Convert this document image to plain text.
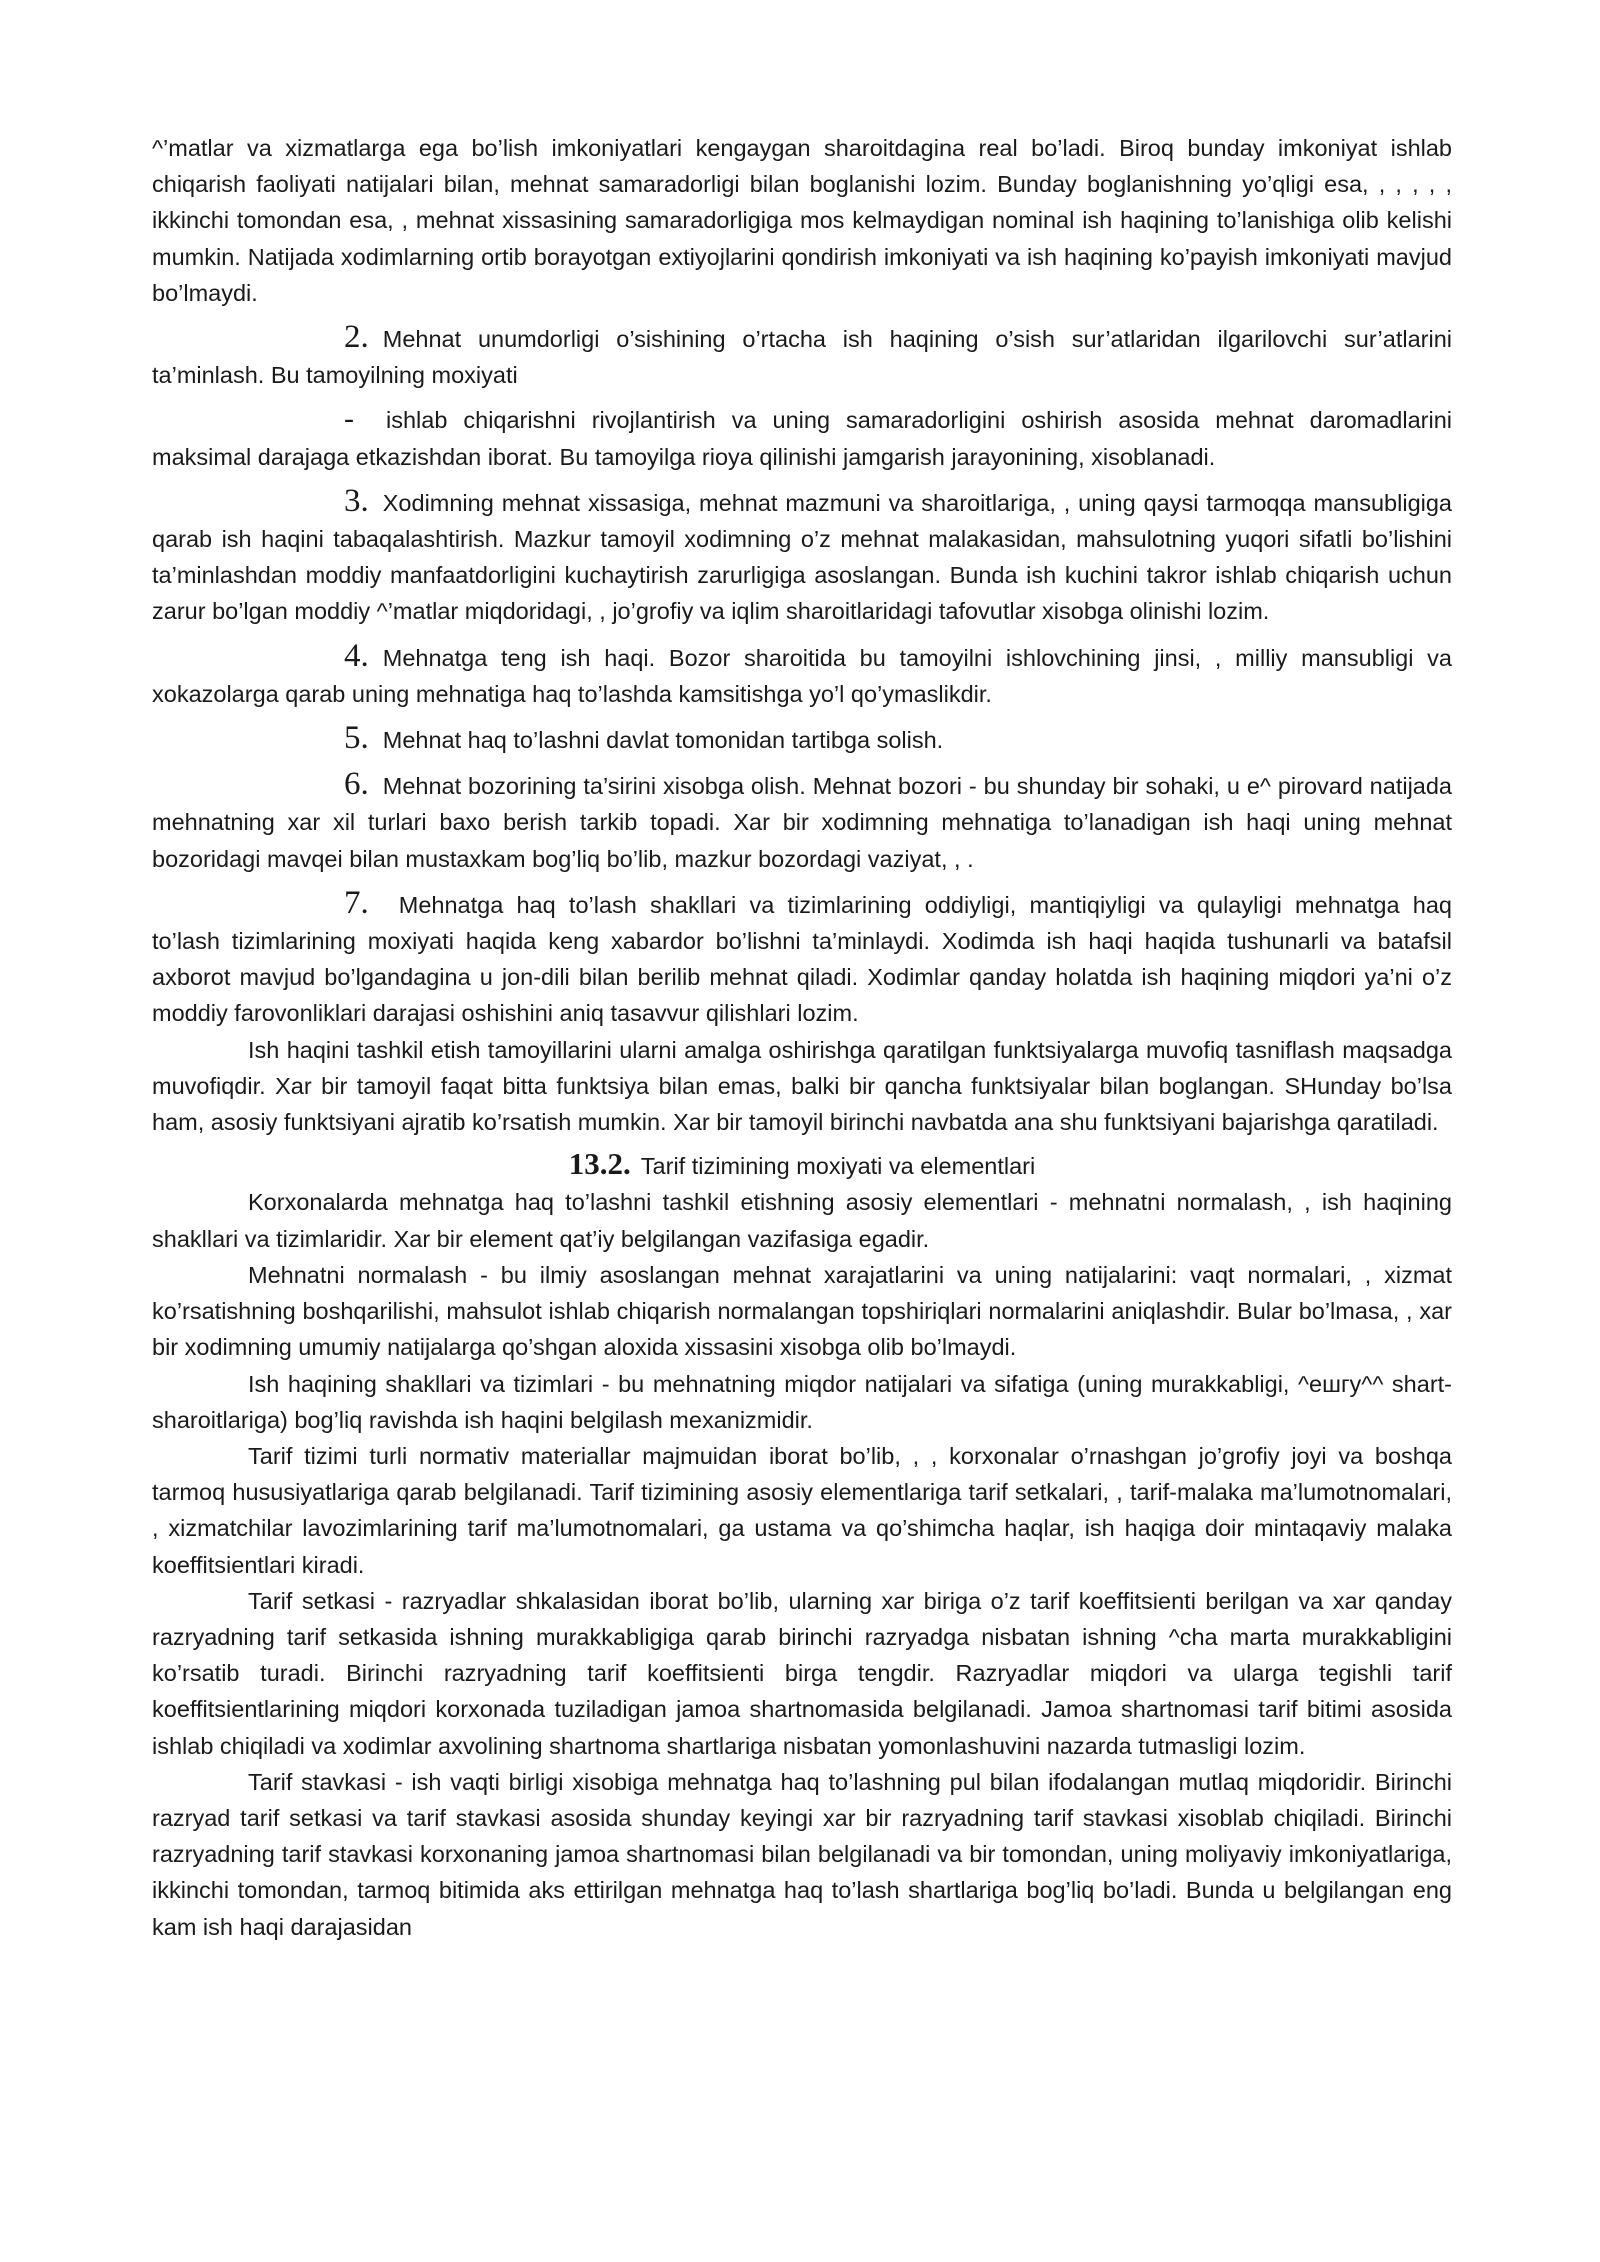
^’matlar va xizmatlarga ega bo’lish imkoniyatlari kengaygan sharoitdagina real bo’ladi. Biroq bunday imkoniyat ishlab chiqarish faoliyati natijalari bilan, mehnat samaradorligi bilan boglanishi lozim. Bunday boglanishning yo’qligi esa, , , , , , ikkinchi tomondan esa, , mehnat xissasining samaradorligiga mos kelmaydigan nominal ish haqining to’lanishiga olib kelishi mumkin. Natijada xodimlarning ortib borayotgan extiyojlarini qondirish imkoniyati va ish haqining ko’payish imkoniyati mavjud bo’lmaydi.

2. Mehnat unumdorligi o’sishining o’rtacha ish haqining o’sish sur’atlaridan ilgarilovchi sur’atlarini ta’minlash. Bu tamoyilning moxiyati

- ishlab chiqarishni rivojlantirish va uning samaradorligini oshirish asosida mehnat daromadlarini maksimal darajaga etkazishdan iborat. Bu tamoyilga rioya qilinishi jamgarish jarayonining, xisoblanadi.

3. Xodimning mehnat xissasiga, mehnat mazmuni va sharoitlariga, , uning qaysi tarmoqqa mansubligiga qarab ish haqini tabaqalashtirish. Mazkur tamoyil xodimning o’z mehnat malakasidan, mahsulotning yuqori sifatli bo’lishini ta’minlashdan moddiy manfaatdorligini kuchaytirish zarurligiga asoslangan. Bunda ish kuchini takror ishlab chiqarish uchun zarur bo’lgan moddiy ^’matlar miqdoridagi, , jo’grofiy va iqlim sharoitlaridagi tafovutlar xisobga olinishi lozim.

4. Mehnatga teng ish haqi. Bozor sharoitida bu tamoyilni ishlovchining jinsi, , milliy mansubligi va xokazolarga qarab uning mehnatiga haq to’lashda kamsitishga yo’l qo’ymaslikdir.

5. Mehnat haq to’lashni davlat tomonidan tartibga solish.

6. Mehnat bozorining ta’sirini xisobga olish. Mehnat bozori - bu shunday bir sohaki, u e^ pirovard natijada mehnatning xar xil turlari baxo berish tarkib topadi. Xar bir xodimning mehnatiga to’lanadigan ish haqi uning mehnat bozoridagi mavqei bilan mustaxkam bog’liq bo’lib, mazkur bozordagi vaziyat, , .

7. Mehnatga haq to’lash shakllari va tizimlarining oddiyligi, mantiqiyligi va qulayligi mehnatga haq to’lash tizimlarining moxiyati haqida keng xabardor bo’lishni ta’minlaydi. Xodimda ish haqi haqida tushunarli va batafsil axborot mavjud bo’lgandagina u jon-dili bilan berilib mehnat qiladi. Xodimlar qanday holatda ish haqining miqdori ya’ni o’z moddiy farovonliklari darajasi oshishini aniq tasavvur qilishlari lozim.

Ish haqini tashkil etish tamoyillarini ularni amalga oshirishga qaratilgan funktsiyalarga muvofiq tasniflash maqsadga muvofiqdir. Xar bir tamoyil faqat bitta funktsiya bilan emas, balki bir qancha funktsiyalar bilan boglangan. SHunday bo’lsa ham, asosiy funktsiyani ajratib ko’rsatish mumkin. Xar bir tamoyil birinchi navbatda ana shu funktsiyani bajarishga qaratiladi.

13.2. Tarif tizimining moxiyati va elementlari

Korxonalarda mehnatga haq to’lashni tashkil etishning asosiy elementlari - mehnatni normalash, , ish haqining shakllari va tizimlaridir. Xar bir element qat’iy belgilangan vazifasiga egadir.

Mehnatni normalash - bu ilmiy asoslangan mehnat xarajatlarini va uning natijalarini: vaqt normalari, , xizmat ko’rsatishning boshqarilishi, mahsulot ishlab chiqarish normalangan topshiriqlari normalarini aniqlashdir. Bular bo’lmasa, , xar bir xodimning umumiy natijalarga qo’shgan aloxida xissasini xisobga olib bo’lmaydi.

Ish haqining shakllari va tizimlari - bu mehnatning miqdor natijalari va sifatiga (uning murakkabligi, ^ешгу^^ shart-sharoitlariga) bog’liq ravishda ish haqini belgilash mexanizmidir.

Tarif tizimi turli normativ materiallar majmuidan iborat bo’lib, , , korxonalar o’rnashgan jo’grofiy joyi va boshqa tarmoq hususiyatlariga qarab belgilanadi. Tarif tizimining asosiy elementlariga tarif setkalari, , tarif-malaka ma’lumotnomalari, , xizmatchilar lavozimlarining tarif ma’lumotnomalari, ga ustama va qo’shimcha haqlar, ish haqiga doir mintaqaviy malaka koeffitsientlari kiradi.

Tarif setkasi - razryadlar shkalasidan iborat bo’lib, ularning xar biriga o’z tarif koeffitsienti berilgan va xar qanday razryadning tarif setkasida ishning murakkabligiga qarab birinchi razryadga nisbatan ishning ^cha marta murakkabligini ko’rsatib turadi. Birinchi razryadning tarif koeffitsienti birga tengdir. Razryadlar miqdori va ularga tegishli tarif koeffitsientlarining miqdori korxonada tuziladigan jamoa shartnomasida belgilanadi. Jamoa shartnomasi tarif bitimi asosida ishlab chiqiladi va xodimlar axvolining shartnoma shartlariga nisbatan yomonlashuvini nazarda tutmasligi lozim.

Tarif stavkasi - ish vaqti birligi xisobiga mehnatga haq to’lashning pul bilan ifodalangan mutlaq miqdoridir. Birinchi razryad tarif setkasi va tarif stavkasi asosida shunday keyingi xar bir razryadning tarif stavkasi xisoblab chiqiladi. Birinchi razryadning tarif stavkasi korxonaning jamoa shartnomasi bilan belgilanadi va bir tomondan, uning moliyaviy imkoniyatlariga, ikkinchi tomondan, tarmoq bitimida aks ettirilgan mehnatga haq to’lash shartlariga bog’liq bo’ladi. Bunda u belgilangan eng kam ish haqi darajasidan
